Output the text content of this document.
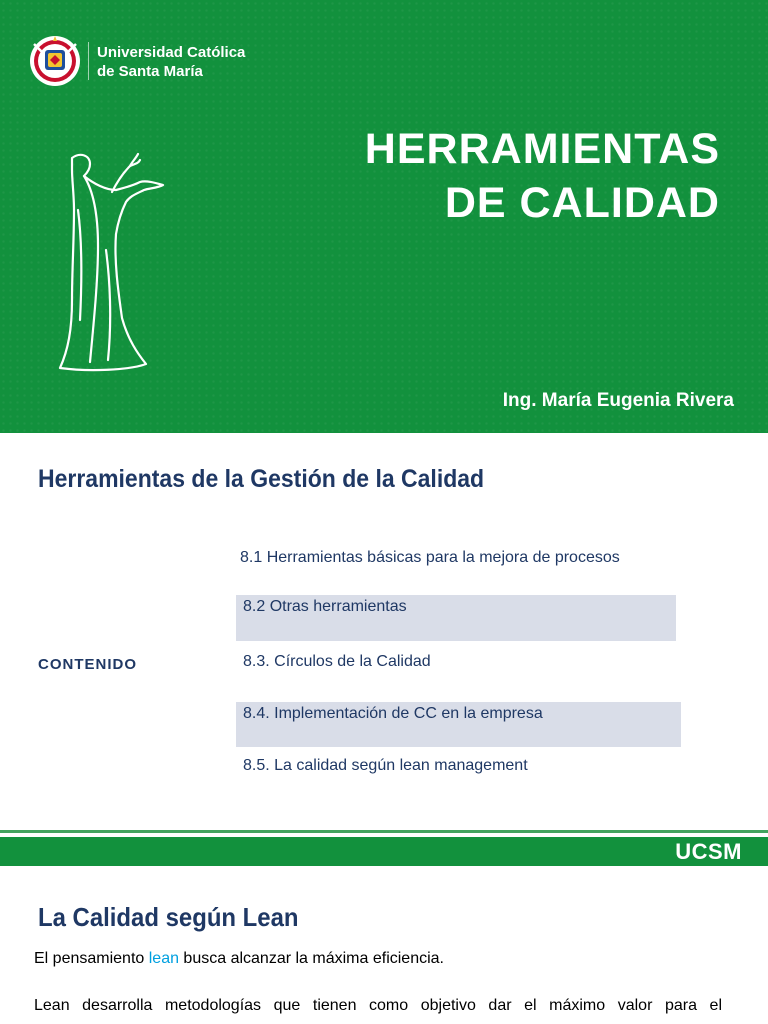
Universidad Católica
de Santa María
HERRAMIENTAS
DE CALIDAD
Ing. María Eugenia Rivera
Herramientas de la Gestión de la Calidad
CONTENIDO
8.1 Herramientas básicas para la mejora de procesos
8.2 Otras herramientas
8.3. Círculos de la Calidad
8.4. Implementación de CC en la empresa
8.5. La calidad según lean management
UCSM
La Calidad según Lean
El pensamiento lean busca alcanzar la máxima eficiencia.
Lean desarrolla metodologías que tienen como objetivo dar el máximo valor para el
